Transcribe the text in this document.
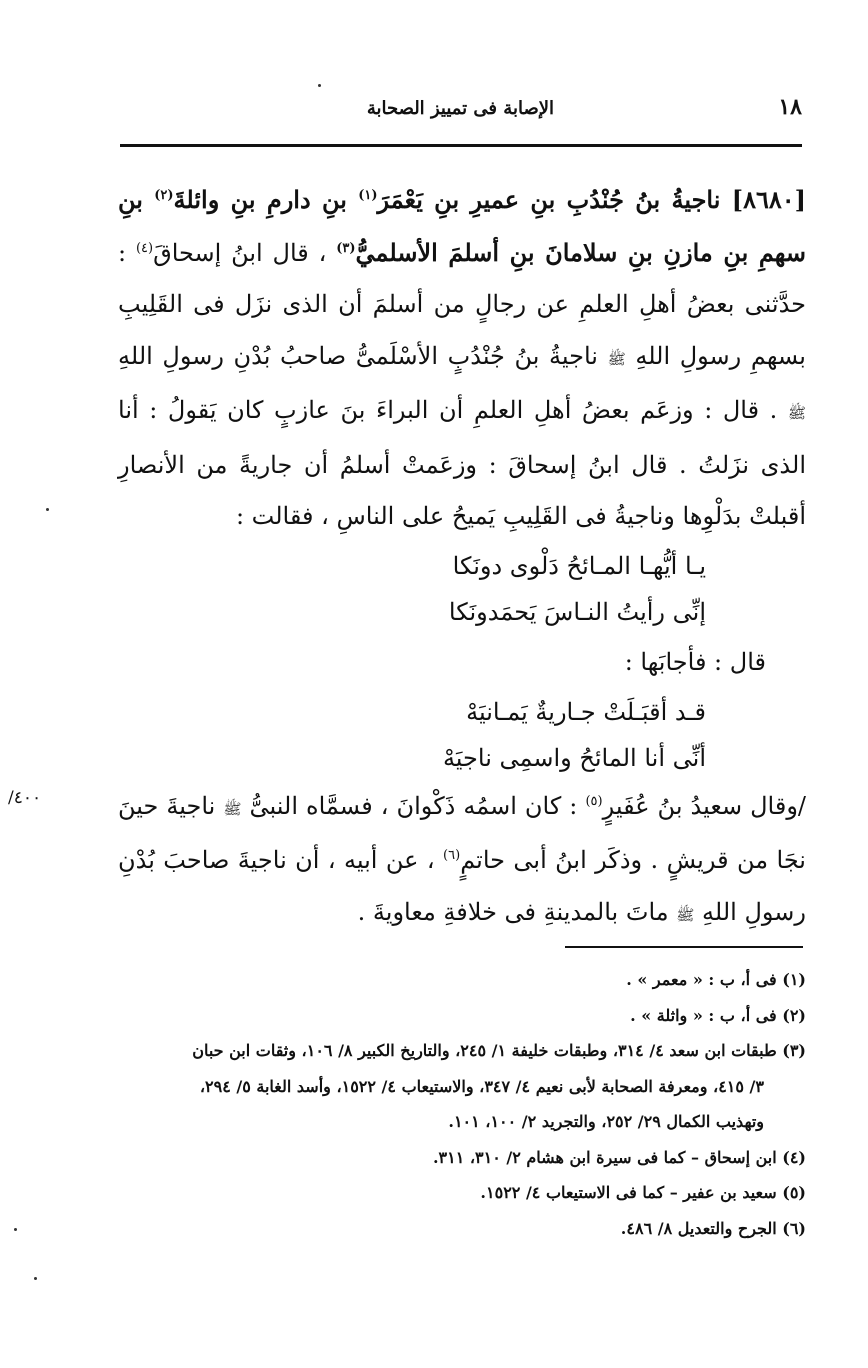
١٨
الإصابة فى تمييز الصحابة

[٨٦٨٠] ناجيةُ بنُ جُنْدُبِ بنِ عميرِ بنِ يَعْمَرَ$^{(١)}$ بنِ دارمِ بنِ وائلةَ$^{(٢)}$ بنِ سهمِ بنِ مازنِ بنِ سلامانَ بنِ أسلمَ الأسلميُّ$^{(٣)}$ ، قال ابنُ إسحاقَ$^{(٤)}$ : حدَّثنى بعضُ أهلِ العلمِ عن رجالٍ من أسلمَ أن الذى نزَل فى القَلِيبِ بسهمِ رسولِ اللهِ ﷺ ناجيةُ بنُ جُنْدُبٍ الأسْلَمىُّ صاحبُ بُدْنِ رسولِ اللهِ ﷺ . قال : وزعَم بعضُ أهلِ العلمِ أن البراءَ بنَ عازبٍ كان يَقولُ : أنا الذى نزَلتُ . قال ابنُ إسحاقَ : وزعَمتْ أسلمُ أن جاريةً من الأنصارِ أقبلتْ بدَلْوِها وناجيةُ فى القَلِيبِ يَميحُ على الناسِ ، فقالت :

يـا أيُّهـا المـائحُ دَلْوى دونَكا
إنِّى رأيتُ النـاسَ يَحمَدونَكا

قال : فأجابَها :

قـد أقبَـلَتْ جـاريةٌ يَمـانيَهْ
أنِّى أنا المائحُ واسمِى ناجيَهْ

/وقال سعيدُ بنُ عُفَيرٍ$^{(٥)}$ : كان اسمُه ذَكْوانَ ، فسمَّاه النبىُّ ﷺ ناجيةَ حينَ نجَا من قريشٍ . وذكَر ابنُ أبى حاتمٍ$^{(٦)}$ ، عن أبيه ، أن ناجيةَ صاحبَ بُدْنِ رسولِ اللهِ ﷺ ماتَ بالمدينةِ فى خلافةِ معاويةَ .

٤٠٠/

(١) فى أ، ب : « معمر » .

(٢) فى أ، ب : « واثلة » .

(٣) طبقات ابن سعد ٤/ ٣١٤، وطبقات خليفة ١/ ٢٤٥، والتاريخ الكبير ٨/ ١٠٦، وثقات ابن حبان

٣/ ٤١٥، ومعرفة الصحابة لأبى نعيم ٤/ ٣٤٧، والاستيعاب ٤/ ١٥٢٢، وأسد الغابة ٥/ ٢٩٤،

وتهذيب الكمال ٢٩/ ٢٥٢، والتجريد ٢/ ١٠٠، ١٠١.

(٤) ابن إسحاق – كما فى سيرة ابن هشام ٢/ ٣١٠، ٣١١.

(٥) سعيد بن عفير – كما فى الاستيعاب ٤/ ١٥٢٢.

(٦) الجرح والتعديل ٨/ ٤٨٦.
